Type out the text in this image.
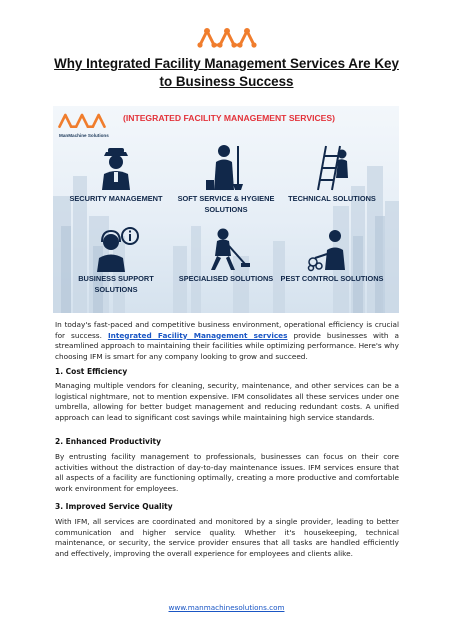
Why Integrated Facility Management Services Are Key to Business Success
ManMachine Solutions
(INTEGRATED FACILITY MANAGEMENT SERVICES)
SECURITY MANAGEMENT	SOFT SERVICE & HYGIENE SOLUTIONS
TECHNICAL SOLUTIONS
BUSINESS SUPPORT SOLUTIONS
SPECIALISED SOLUTIONS PEST CONTROL SOLUTIONS

In today's fast-paced and competitive business environment, operational efficiency is crucial for success. Integrated Facility Management services provide businesses with a streamlined approach to maintaining their facilities while optimizing performance. Here's why choosing IFM is smart for any company looking to grow and succeed.

1. Cost Efficiency

Managing multiple vendors for cleaning, security, maintenance, and other services can be a logistical nightmare, not to mention expensive. IFM consolidates all these services under one umbrella, allowing for better budget management and reducing redundant costs. A unified approach can lead to significant cost savings while maintaining high service standards.

2. Enhanced Productivity

By entrusting facility management to professionals, businesses can focus on their core activities without the distraction of day-to-day maintenance issues. IFM services ensure that all aspects of a facility are functioning optimally, creating a more productive and comfortable work environment for employees.

3. Improved Service Quality

With IFM, all services are coordinated and monitored by a single provider, leading to better communication and higher service quality. Whether it's housekeeping, technical maintenance, or security, the service provider ensures that all tasks are handled efficiently and effectively, improving the overall experience for employees and clients alike.

www.manmachinesolutions.com
